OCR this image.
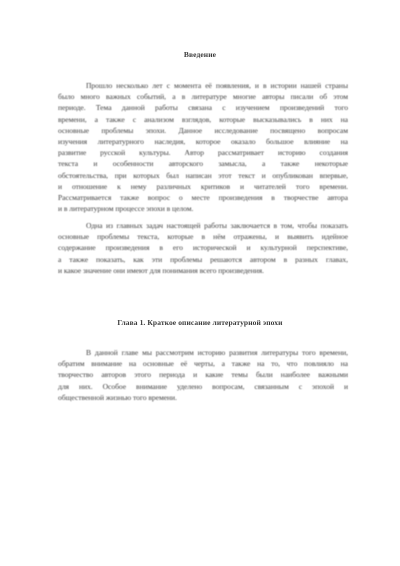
Введение
Прошло несколько лет с момента её появления, и в истории нашей страны
было много важных событий, а в литературе многие авторы писали об этом
периоде. Тема данной работы связана с изучением произведений того
времени, а также с анализом взглядов, которые высказывались в них на
основные проблемы эпохи. Данное исследование посвящено вопросам
изучения литературного наследия, которое оказало большое влияние на
развитие русской культуры. Автор рассматривает историю создания
текста и особенности авторского замысла, а также некоторые
обстоятельства, при которых был написан этот текст и опубликован впервые,
и отношение к нему различных критиков и читателей того времени.
Рассматривается также вопрос о месте произведения в творчестве автора
и в литературном процессе эпохи в целом.
Одна из главных задач настоящей работы заключается в том, чтобы показать
основные проблемы текста, которые в нём отражены, и выявить идейное
содержание произведения в его исторической и культурной перспективе,
а также показать, как эти проблемы решаются автором в разных главах,
и какое значение они имеют для понимания всего произведения.
Глава 1. Краткое описание литературной эпохи
В данной главе мы рассмотрим историю развития литературы того времени,
обратим внимание на основные её черты, а также на то, что повлияло на
творчество авторов этого периода и какие темы были наиболее важными
для них. Особое внимание уделено вопросам, связанным с эпохой и
общественной жизнью того времени.
